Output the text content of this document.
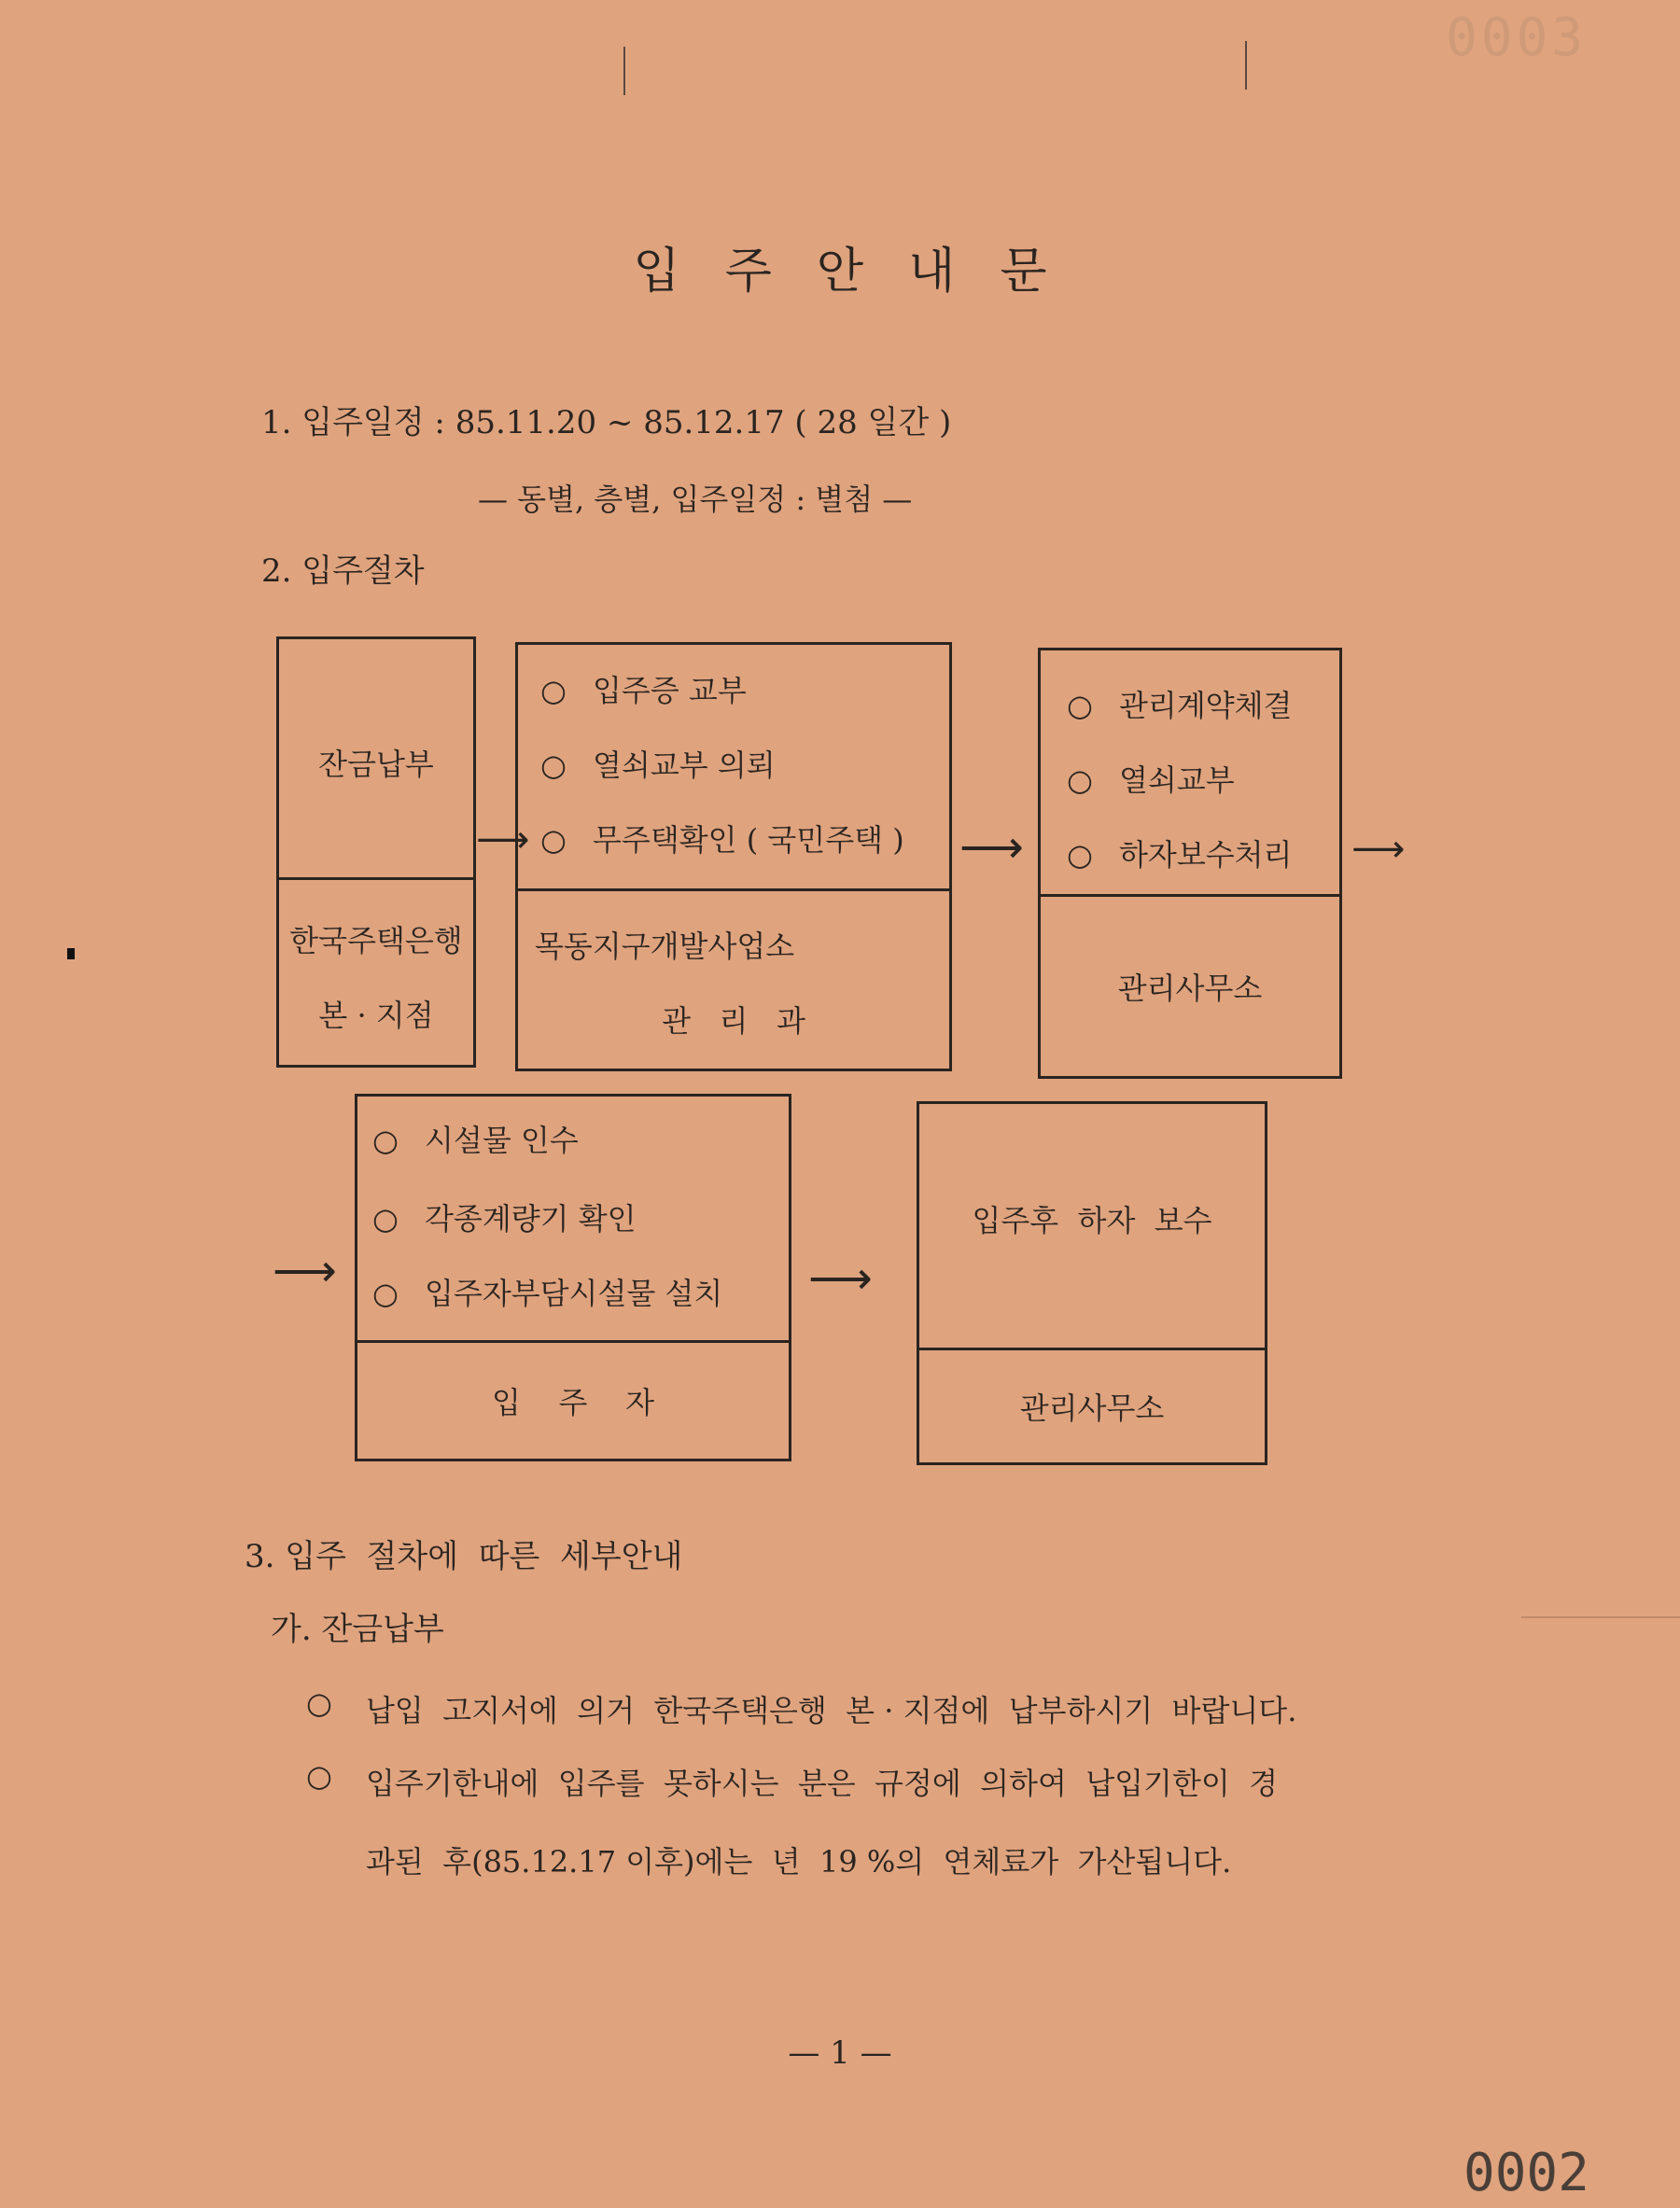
0003
입주안내문
1. 입주일정 : 85.11.20 ~ 85.12.17 ( 28 일간 )
— 동별, 층별, 입주일정 : 별첨 —
2. 입주절차
잔금납부
한국주택은행
본 · 지점
⟶
○ 입주증 교부
○ 열쇠교부 의뢰
○ 무주택확인 ( 국민주택 )
목동지구개발사업소
관   리   과
⟶
○ 관리계약체결
○ 열쇠교부
○ 하자보수처리
관리사무소
⟶
⟶
○ 시설물 인수
○ 각종계량기 확인
○ 입주자부담시설물 설치
입    주    자
⟶
입주후  하자  보수
관리사무소
3. 입주  절차에  따른  세부안내
가. 잔금납부
○ 납입  고지서에  의거  한국주택은행  본 · 지점에  납부하시기  바랍니다.
○ 입주기한내에  입주를  못하시는  분은  규정에  의하여  납입기한이  경
과된  후(85.12.17 이후)에는  년  19 %의  연체료가  가산됩니다.
— 1 —
0002
